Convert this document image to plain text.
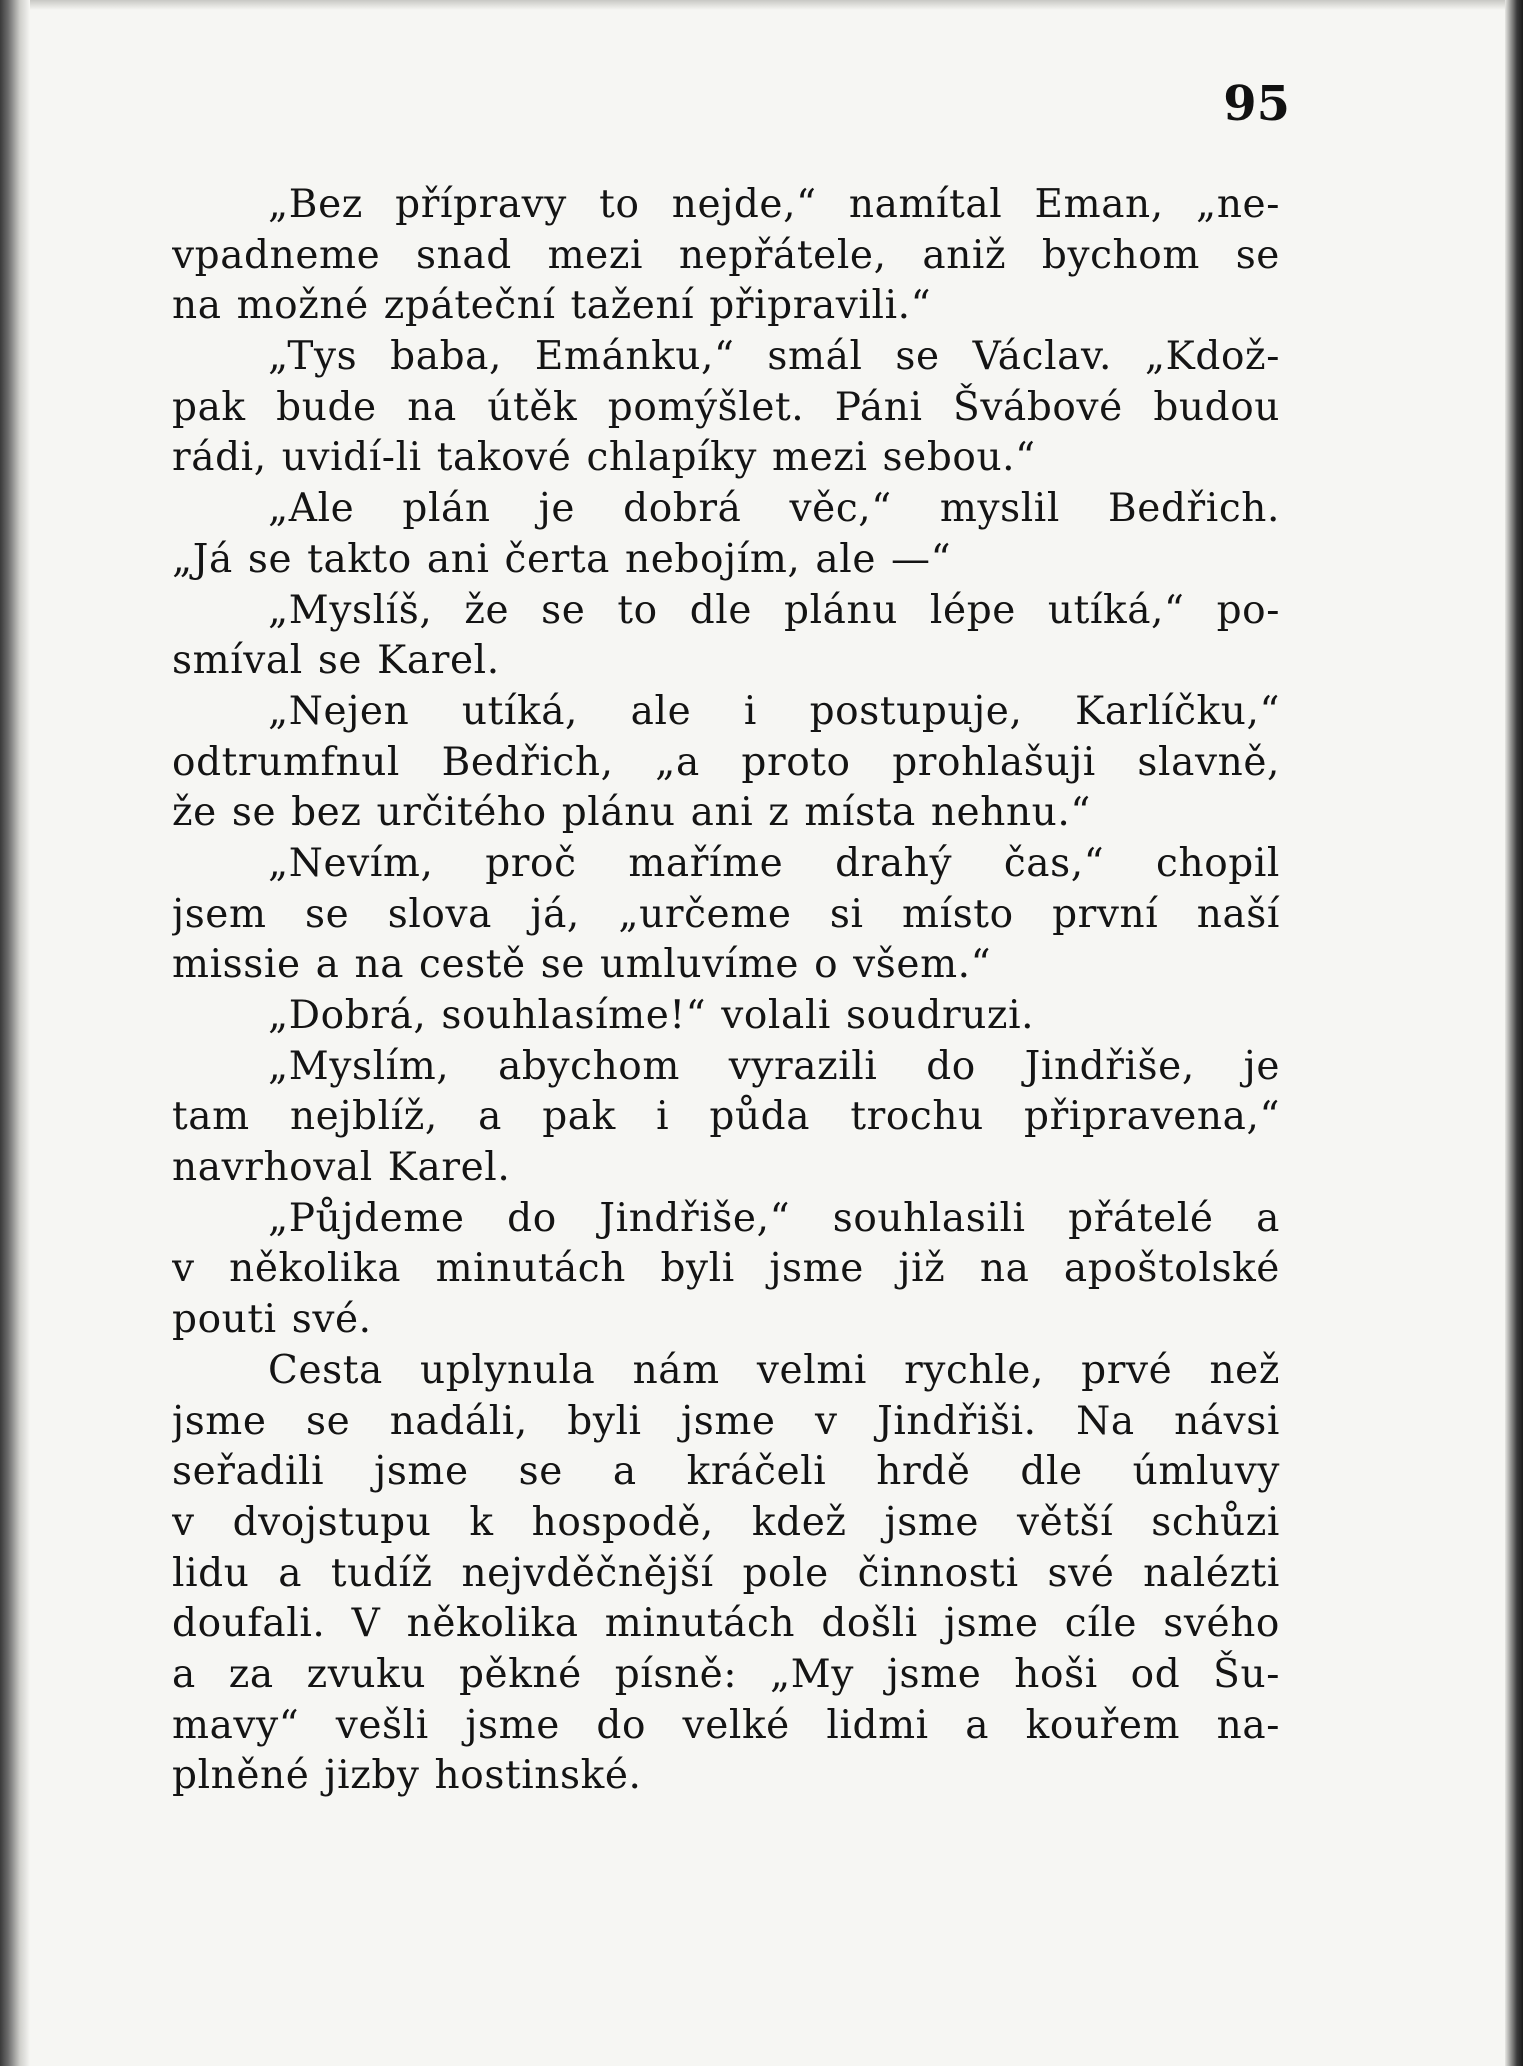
95
„Bez přípravy to nejde,“ namítal Eman, „ne-
vpadneme snad mezi nepřátele, aniž bychom se
na možné zpáteční tažení připravili.“
„Tys baba, Emánku,“ smál se Václav. „Kdož-
pak bude na útěk pomýšlet. Páni Švábové budou
rádi, uvidí-li takové chlapíky mezi sebou.“
„Ale plán je dobrá věc,“ myslil Bedřich.
„Já se takto ani čerta nebojím, ale —“
„Myslíš, že se to dle plánu lépe utíká,“ po-
smíval se Karel.
„Nejen utíká, ale i postupuje, Karlíčku,“
odtrumfnul Bedřich, „a proto prohlašuji slavně,
že se bez určitého plánu ani z místa nehnu.“
„Nevím, proč maříme drahý čas,“ chopil
jsem se slova já, „určeme si místo první naší
missie a na cestě se umluvíme o všem.“
„Dobrá, souhlasíme!“ volali soudruzi.
„Myslím, abychom vyrazili do Jindřiše, je
tam nejblíž, a pak i půda trochu připravena,“
navrhoval Karel.
„Půjdeme do Jindřiše,“ souhlasili přátelé a
v několika minutách byli jsme již na apoštolské
pouti své.
Cesta uplynula nám velmi rychle, prvé než
jsme se nadáli, byli jsme v Jindřiši. Na návsi
seřadili jsme se a kráčeli hrdě dle úmluvy
v dvojstupu k hospodě, kdež jsme větší schůzi
lidu a tudíž nejvděčnější pole činnosti své nalézti
doufali. V několika minutách došli jsme cíle svého
a za zvuku pěkné písně: „My jsme hoši od Šu-
mavy“ vešli jsme do velké lidmi a kouřem na-
plněné jizby hostinské.
